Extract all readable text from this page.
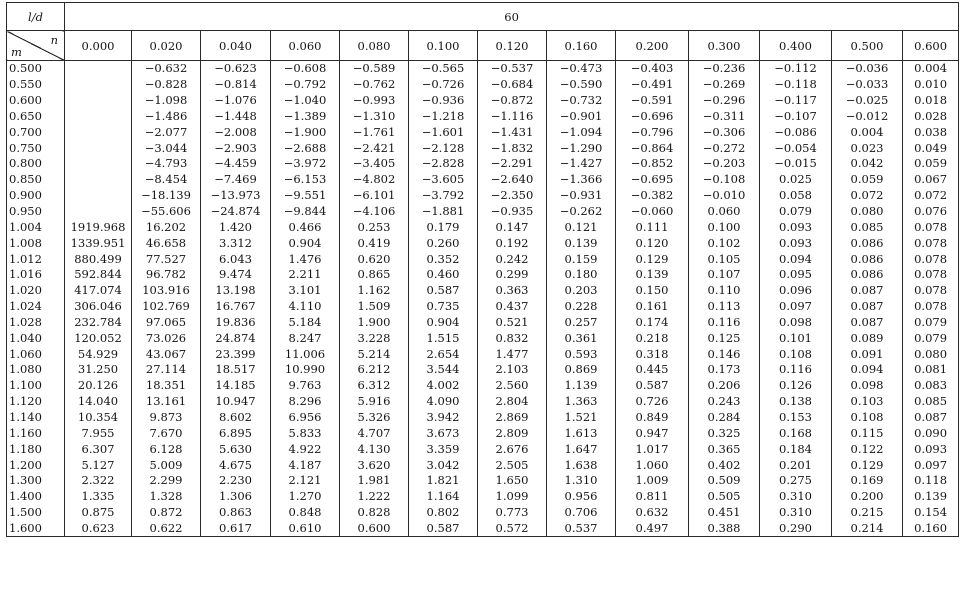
l/d	60												

n
m	0.000	0.020	0.040	0.060	0.080	0.100	0.120	0.160	0.200	0.300	0.400	0.500	0.600
0.500		−0.632	−0.623	−0.608	−0.589	−0.565	−0.537	−0.473	−0.403	−0.236	−0.112	−0.036	0.004
0.550		−0.828	−0.814	−0.792	−0.762	−0.726	−0.684	−0.590	−0.491	−0.269	−0.118	−0.033	0.010
0.600		−1.098	−1.076	−1.040	−0.993	−0.936	−0.872	−0.732	−0.591	−0.296	−0.117	−0.025	0.018
0.650		−1.486	−1.448	−1.389	−1.310	−1.218	−1.116	−0.901	−0.696	−0.311	−0.107	−0.012	0.028
0.700		−2.077	−2.008	−1.900	−1.761	−1.601	−1.431	−1.094	−0.796	−0.306	−0.086	0.004	0.038
0.750		−3.044	−2.903	−2.688	−2.421	−2.128	−1.832	−1.290	−0.864	−0.272	−0.054	0.023	0.049
0.800		−4.793	−4.459	−3.972	−3.405	−2.828	−2.291	−1.427	−0.852	−0.203	−0.015	0.042	0.059
0.850		−8.454	−7.469	−6.153	−4.802	−3.605	−2.640	−1.366	−0.695	−0.108	0.025	0.059	0.067
0.900		−18.139	−13.973	−9.551	−6.101	−3.792	−2.350	−0.931	−0.382	−0.010	0.058	0.072	0.072
0.950		−55.606	−24.874	−9.844	−4.106	−1.881	−0.935	−0.262	−0.060	0.060	0.079	0.080	0.076
1.004	1919.968	16.202	1.420	0.466	0.253	0.179	0.147	0.121	0.111	0.100	0.093	0.085	0.078
1.008	1339.951	46.658	3.312	0.904	0.419	0.260	0.192	0.139	0.120	0.102	0.093	0.086	0.078
1.012	880.499	77.527	6.043	1.476	0.620	0.352	0.242	0.159	0.129	0.105	0.094	0.086	0.078
1.016	592.844	96.782	9.474	2.211	0.865	0.460	0.299	0.180	0.139	0.107	0.095	0.086	0.078
1.020	417.074	103.916	13.198	3.101	1.162	0.587	0.363	0.203	0.150	0.110	0.096	0.087	0.078
1.024	306.046	102.769	16.767	4.110	1.509	0.735	0.437	0.228	0.161	0.113	0.097	0.087	0.078
1.028	232.784	97.065	19.836	5.184	1.900	0.904	0.521	0.257	0.174	0.116	0.098	0.087	0.079
1.040	120.052	73.026	24.874	8.247	3.228	1.515	0.832	0.361	0.218	0.125	0.101	0.089	0.079
1.060	54.929	43.067	23.399	11.006	5.214	2.654	1.477	0.593	0.318	0.146	0.108	0.091	0.080
1.080	31.250	27.114	18.517	10.990	6.212	3.544	2.103	0.869	0.445	0.173	0.116	0.094	0.081
1.100	20.126	18.351	14.185	9.763	6.312	4.002	2.560	1.139	0.587	0.206	0.126	0.098	0.083
1.120	14.040	13.161	10.947	8.296	5.916	4.090	2.804	1.363	0.726	0.243	0.138	0.103	0.085
1.140	10.354	9.873	8.602	6.956	5.326	3.942	2.869	1.521	0.849	0.284	0.153	0.108	0.087
1.160	7.955	7.670	6.895	5.833	4.707	3.673	2.809	1.613	0.947	0.325	0.168	0.115	0.090
1.180	6.307	6.128	5.630	4.922	4.130	3.359	2.676	1.647	1.017	0.365	0.184	0.122	0.093
1.200	5.127	5.009	4.675	4.187	3.620	3.042	2.505	1.638	1.060	0.402	0.201	0.129	0.097
1.300	2.322	2.299	2.230	2.121	1.981	1.821	1.650	1.310	1.009	0.509	0.275	0.169	0.118
1.400	1.335	1.328	1.306	1.270	1.222	1.164	1.099	0.956	0.811	0.505	0.310	0.200	0.139
1.500	0.875	0.872	0.863	0.848	0.828	0.802	0.773	0.706	0.632	0.451	0.310	0.215	0.154
1.600	0.623	0.622	0.617	0.610	0.600	0.587	0.572	0.537	0.497	0.388	0.290	0.214	0.160
